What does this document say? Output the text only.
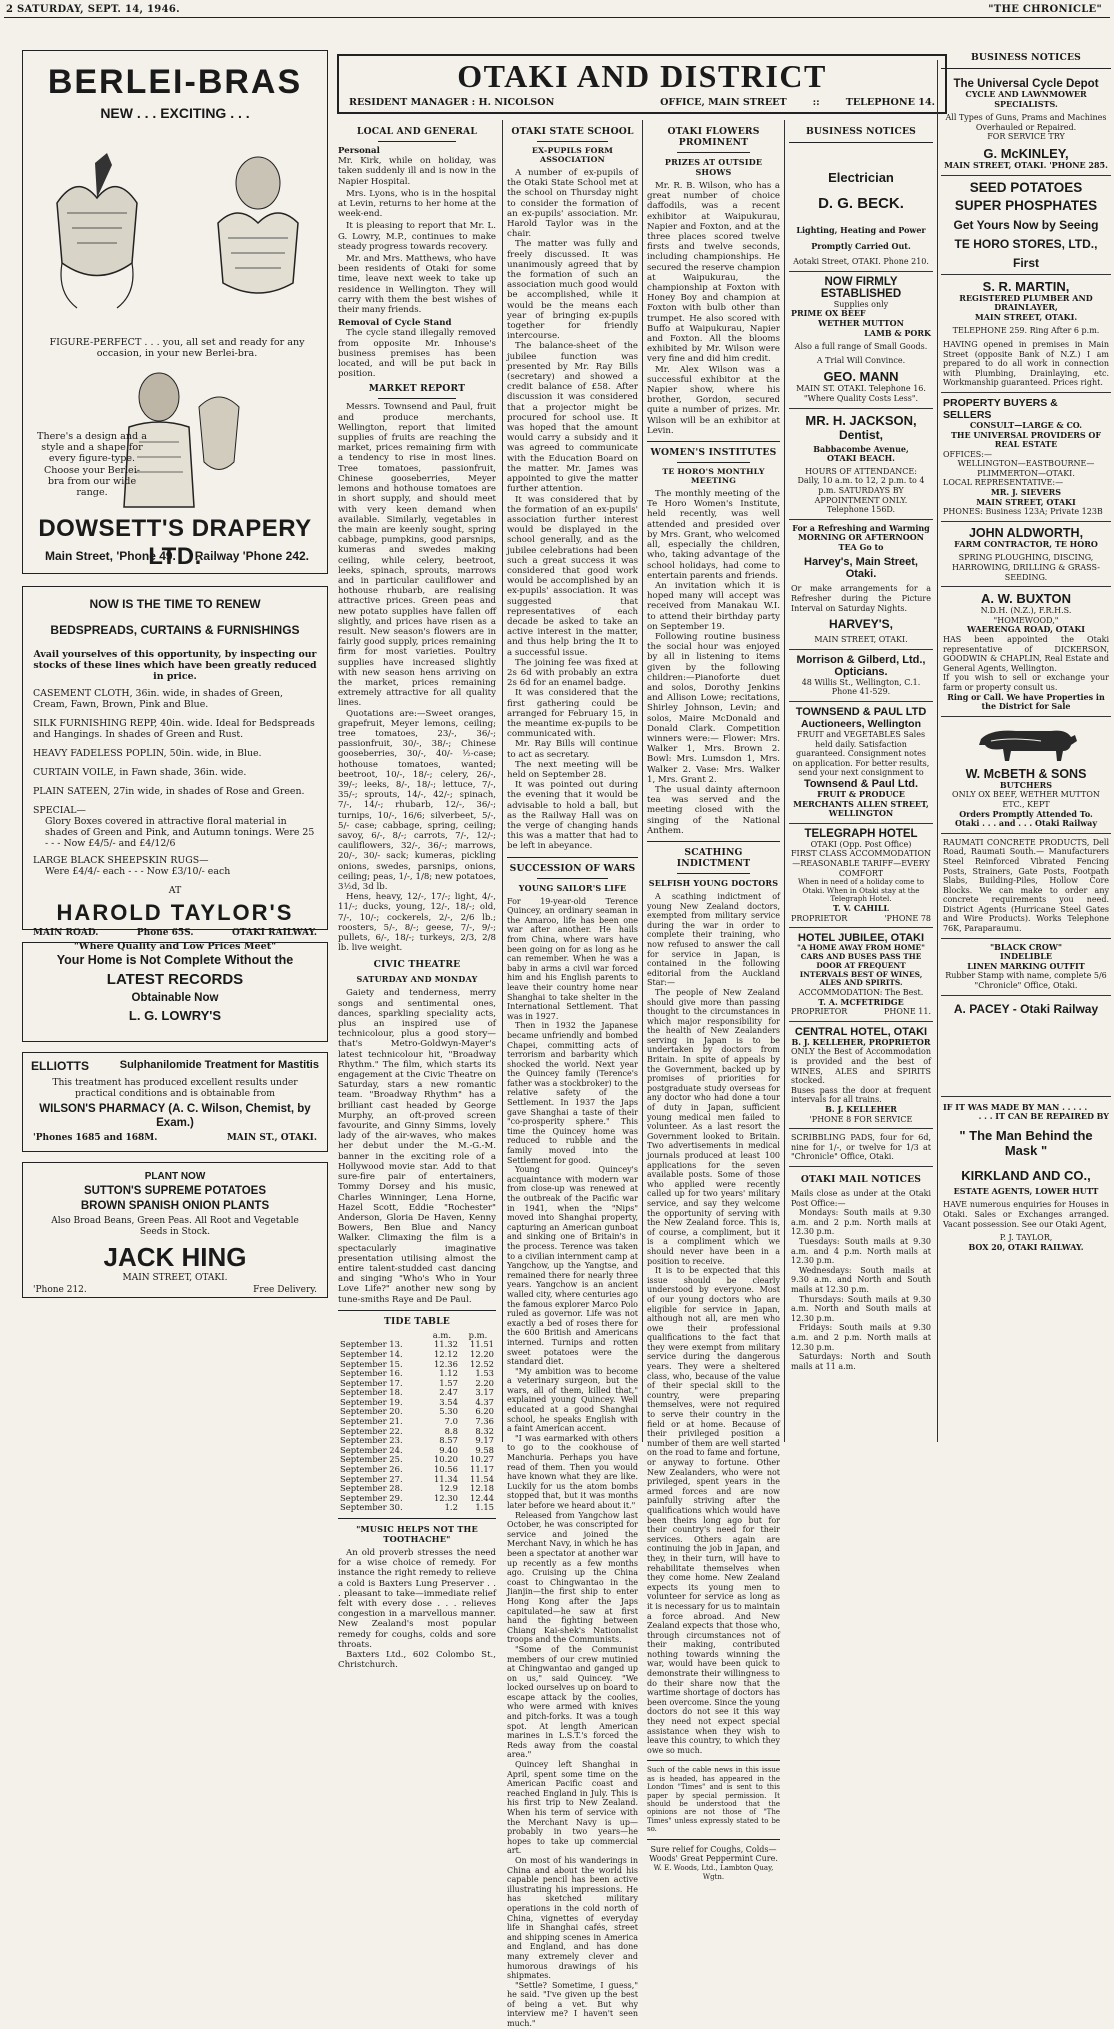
2 SATURDAY, SEPT. 14, 1946.	"THE CHRONICLE"
BERLEI-BRAS
NEW . . . EXCITING . . .
FIGURE-PERFECT . . . you, all set and ready for any occasion, in your new Berlei-bra.
There's a design and a style and a shape for every figure-type. Choose your Berlei-bra from our wide range.
DOWSETT'S DRAPERY LTD.
Main Street, 'Phone 49. Railway 'Phone 242.
NOW IS THE TIME TO RENEW
BEDSPREADS, CURTAINS & FURNISHINGS
Avail yourselves of this opportunity, by inspecting our stocks of these lines which have been greatly reduced in price.
CASEMENT CLOTH, 36in. wide, in shades of Green, Cream, Fawn, Brown, Pink and Blue.
SILK FURNISHING REPP, 40in. wide. Ideal for Bedspreads and Hangings. In shades of Green and Rust.
HEAVY FADELESS POPLIN, 50in. wide, in Blue.
CURTAIN VOILE, in Fawn shade, 36in. wide.
PLAIN SATEEN, 27in wide, in shades of Rose and Green.
SPECIAL—
Glory Boxes covered in attractive floral material in shades of Green and Pink, and Autumn tonings. Were 25 - - - Now £4/5/- and £4/12/6
LARGE BLACK SHEEPSKIN RUGS—
Were £4/4/- each - - - Now £3/10/- each
AT
HAROLD TAYLOR'S
MAIN ROAD.	Phone 65S.	OTAKI RAILWAY.
"Where Quality and Low Prices Meet"
Your Home is Not Complete Without the
LATEST RECORDS
Obtainable Now
L. G. LOWRY'S
ELLIOTTS	Sulphanilomide Treatment for Mastitis
This treatment has produced excellent results under practical conditions and is obtainable from
WILSON'S PHARMACY (A. C. Wilson, Chemist, by Exam.)
'Phones 1685 and 168M.	MAIN ST., OTAKI.
PLANT NOW
SUTTON'S SUPREME POTATOES
BROWN SPANISH ONION PLANTS
Also Broad Beans, Green Peas. All Root and Vegetable Seeds in Stock.
JACK HING
MAIN STREET, OTAKI.
'Phone 212.	Free Delivery.
OTAKI AND DISTRICT
RESIDENT MANAGER : H. NICOLSON	OFFICE, MAIN STREET	::	TELEPHONE 14.
LOCAL AND GENERAL
Personal
Mr. Kirk, while on holiday, was taken suddenly ill and is now in the Napier Hospital.
Mrs. Lyons, who is in the hospital at Levin, returns to her home at the week-end.
It is pleasing to report that Mr. L. G. Lowry, M.P., continues to make steady progress towards recovery.
Mr. and Mrs. Matthews, who have been residents of Otaki for some time, leave next week to take up residence in Wellington. They will carry with them the best wishes of their many friends.
Removal of Cycle Stand
The cycle stand illegally removed from opposite Mr. Inhouse's business premises has been located, and will be put back in position.
MARKET REPORT
Messrs. Townsend and Paul, fruit and produce merchants, Wellington, report that limited supplies of fruits are reaching the market, prices remaining firm with a tendency to rise in most lines. Tree tomatoes, passionfruit, Chinese gooseberries, Meyer lemons and hothouse tomatoes are in short supply, and should meet with very keen demand when available. Similarly, vegetables in the main are keenly sought, spring cabbage, pumpkins, good parsnips, kumeras and swedes making ceiling, while celery, beetroot, leeks, spinach, sprouts, marrows and in particular cauliflower and hothouse rhubarb, are realising attractive prices. Green peas and new potato supplies have fallen off slightly, and prices have risen as a result. New season's flowers are in fairly good supply, prices remaining firm for most varieties. Poultry supplies have increased slightly with new season hens arriving on the market, prices remaining extremely attractive for all quality lines.
Quotations are:—Sweet oranges, grapefruit, Meyer lemons, ceiling; tree tomatoes, 23/-, 36/-; passionfruit, 30/-, 38/-; Chinese gooseberries, 30/-, 40/- ½-case; hothouse tomatoes, wanted; beetroot, 10/-, 18/-; celery, 26/-, 39/-; leeks, 8/-, 18/-; lettuce, 7/-, 35/-; sprouts, 14/-, 42/-; spinach, 7/-, 14/-; rhubarb, 12/-, 36/-; turnips, 10/-, 16/6; silverbeet, 5/-, 5/- case; cabbage, spring, ceiling; savoy, 6/-, 8/-; carrots, 7/-, 12/-; cauliflowers, 32/-, 36/-; marrows, 20/-, 30/- sack; kumeras, pickling onions, swedes, parsnips, onions, ceiling; peas, 1/-, 1/8; new potatoes, 3½d, 3d lb.
Hens, heavy, 12/-, 17/-; light, 4/-, 11/-; ducks, young, 12/-, 18/-; old, 7/-, 10/-; cockerels, 2/-, 2/6 lb.; roosters, 5/-, 8/-; geese, 7/-, 9/-; pullets, 6/-, 18/-; turkeys, 2/3, 2/8 lb. live weight.
CIVIC THEATRE
SATURDAY AND MONDAY
Gaiety and tenderness, merry songs and sentimental ones, dances, sparkling speciality acts, plus an inspired use of technicolour, plus a good story—that's Metro-Goldwyn-Mayer's latest technicolour hit, "Broadway Rhythm." The film, which starts its engagement at the Civic Theatre on Saturday, stars a new romantic team. "Broadway Rhythm" has a brilliant cast headed by George Murphy, an oft-proved screen favourite, and Ginny Simms, lovely lady of the air-waves, who makes her debut under the M.-G.-M. banner in the exciting role of a Hollywood movie star. Add to that sure-fire pair of entertainers, Tommy Dorsey and his music, Charles Winninger, Lena Horne, Hazel Scott, Eddie "Rochester" Anderson, Gloria De Haven, Kenny Bowers, Ben Blue and Nancy Walker. Climaxing the film is a spectacularly imaginative presentation utilising almost the entire talent-studded cast dancing and singing "Who's Who in Your Love Life?" another new song by tune-smiths Raye and De Paul.
TIDE TABLE
	a.m.	p.m.
September 13.	11.32	11.51
September 14.	12.12	12.20
September 15.	12.36	12.52
September 16.	1.12	1.53
September 17.	1.57	2.20
September 18.	2.47	3.17
September 19.	3.54	4.37
September 20.	5.30	6.20
September 21.	7.0	7.36
September 22.	8.8	8.32
September 23.	8.57	9.17
September 24.	9.40	9.58
September 25.	10.20	10.27
September 26.	10.56	11.17
September 27.	11.34	11.54
September 28.	12.9	12.18
September 29.	12.30	12.44
September 30.	1.2	1.15
"MUSIC HELPS NOT THE TOOTHACHE"
An old proverb stresses the need for a wise choice of remedy. For instance the right remedy to relieve a cold is Baxters Lung Preserver . . . pleasant to take—immediate relief felt with every dose . . . relieves congestion in a marvellous manner. New Zealand's most popular remedy for coughs, colds and sore throats.
Baxters Ltd., 602 Colombo St., Christchurch.
OTAKI STATE SCHOOL
EX-PUPILS FORM ASSOCIATION
A number of ex-pupils of the Otaki State School met at the school on Thursday night to consider the formation of an ex-pupils' association. Mr. Harold Taylor was in the chair.
The matter was fully and freely discussed. It was unanimously agreed that by the formation of such an association much good would be accomplished, while it would be the means each year of bringing ex-pupils together for friendly intercourse.
The balance-sheet of the jubilee function was presented by Mr. Ray Bills (secretary) and showed a credit balance of £58. After discussion it was considered that a projector might be procured for school use. It was hoped that the amount would carry a subsidy and it was agreed to communicate with the Education Board on the matter. Mr. James was appointed to give the matter further attention.
It was considered that by the formation of an ex-pupils' association further interest would be displayed in the school generally, and as the jubilee celebrations had been such a great success it was considered that good work would be accomplished by an ex-pupils' association. It was suggested that representatives of each decade be asked to take an active interest in the matter, and thus help bring the It to a successful issue.
The joining fee was fixed at 2s 6d with probably an extra 2s 6d for an enamel badge.
It was considered that the first gathering could be arranged for February 15, in the meantime ex-pupils to be communicated with.
Mr. Ray Bills will continue to act as secretary.
The next meeting will be held on September 28.
It was pointed out during the evening that it would be advisable to hold a ball, but as the Railway Hall was on the verge of changing hands this was a matter that had to be left in abeyance.
SUCCESSION OF WARS
YOUNG SAILOR'S LIFE
For 19-year-old Terence Quincey, an ordinary seaman in the Amaroo, life has been one war after another. He hails from China, where wars have been going on for as long as he can remember. When he was a baby in arms a civil war forced him and his English parents to leave their country home near Shanghai to take shelter in the International Settlement. That was in 1927.
Then in 1932 the Japanese became unfriendly and bombed Chapei, committing acts of terrorism and barbarity which shocked the world. Next year the Quincey family (Terence's father was a stockbroker) to the relative safety of the Settlement. In 1937 the Japs gave Shanghai a taste of their "co-prosperity sphere." This time the Quincey home was reduced to rubble and the family moved into the Settlement for good.
Young Quincey's acquaintance with modern war from close-up was renewed at the outbreak of the Pacific war in 1941, when the "Nips" moved into Shanghai property, capturing an American gunboat and sinking one of Britain's in the process. Terence was taken to a civilian internment camp at Yangchow, up the Yangtse, and remained there for nearly three years. Yangchow is an ancient walled city, where centuries ago the famous explorer Marco Polo ruled as governor. Life was not exactly a bed of roses there for the 600 British and Americans interned. Turnips and rotten sweet potatoes were the standard diet.
"My ambition was to become a veterinary surgeon, but the wars, all of them, killed that," explained young Quincey. Well educated at a good Shanghai school, he speaks English with a faint American accent.
"I was earmarked with others to go to the cookhouse of Manchuria. Perhaps you have read of them. Then you would have known what they are like. Luckily for us the atom bombs stopped that, but it was months later before we heard about it."
Released from Yangchow last October, he was conscripted for service and joined the Merchant Navy, in which he has been a spectator at another war up recently as a few months ago. Cruising up the China coast to Chingwantao in the Jianjin—the first ship to enter Hong Kong after the Japs capitulated—he saw at first hand the fighting between Chiang Kai-shek's Nationalist troops and the Communists.
"Some of the Communist members of our crew mutinied at Chingwantao and ganged up on us," said Quincey. "We locked ourselves up on board to escape attack by the coolies, who were armed with knives and pitch-forks. It was a tough spot. At length American marines in L.S.T.'s forced the Reds away from the coastal area."
Quincey left Shanghai in April, spent some time on the American Pacific coast and reached England in July. This is his first trip to New Zealand. When his term of service with the Merchant Navy is up—probably in two years—he hopes to take up commercial art.
On most of his wanderings in China and about the world his capable pencil has been active illustrating his impressions. He has sketched military operations in the cold north of China, vignettes of everyday life in Shanghai cafés, street and shipping scenes in America and England, and has done many extremely clever and humorous drawings of his shipmates.
"Settle? Sometime, I guess," he said. "I've given up the best of being a vet. But why interview me? I haven't seen much."
OTAKI FLOWERS PROMINENT
PRIZES AT OUTSIDE SHOWS
Mr. R. B. Wilson, who has a great number of choice daffodils, was a recent exhibitor at Waipukurau, Napier and Foxton, and at the three places scored twelve firsts and twelve seconds, including championships. He secured the reserve champion at Waipukurau, the championship at Foxton with Honey Boy and champion at Foxton with bulb other than trumpet. He also scored with Buffo at Waipukurau, Napier and Foxton. All the blooms exhibited by Mr. Wilson were very fine and did him credit.
Mr. Alex Wilson was a successful exhibitor at the Napier show, where his brother, Gordon, secured quite a number of prizes. Mr. Wilson will be an exhibitor at Levin.
WOMEN'S INSTITUTES
TE HORO'S MONTHLY MEETING
The monthly meeting of the Te Horo Women's Institute, held recently, was well attended and presided over by Mrs. Grant, who welcomed all, especially the children, who, taking advantage of the school holidays, had come to entertain parents and friends.
An invitation which it is hoped many will accept was received from Manakau W.I. to attend their birthday party on September 19.
Following routine business the social hour was enjoyed by all in listening to items given by the following children:—Pianoforte duet and solos, Dorothy Jenkins and Allison Lowe; recitations, Shirley Johnson, Levin; and solos, Maire McDonald and Donald Clark. Competition winners were:— Flower: Mrs. Walker 1, Mrs. Brown 2. Bowl: Mrs. Lumsdon 1, Mrs. Walker 2. Vase: Mrs. Walker 1, Mrs. Grant 2.
The usual dainty afternoon tea was served and the meeting closed with the singing of the National Anthem.
SCATHING INDICTMENT
SELFISH YOUNG DOCTORS
A scathing indictment of young New Zealand doctors, exempted from military service during the war in order to complete their training, who now refused to answer the call for service in Japan, is contained in the following editorial from the Auckland Star:—
The people of New Zealand should give more than passing thought to the circumstances in which major responsibility for the health of New Zealanders serving in Japan is to be undertaken by doctors from Britain. In spite of appeals by the Government, backed up by promises of priorities for postgraduate study overseas for any doctor who had done a tour of duty in Japan, sufficient young medical men failed to volunteer. As a last resort the Government looked to Britain. Two advertisements in medical journals produced at least 100 applications for the seven available posts. Some of those who applied were recently called up for two years' military service, and say they welcome the opportunity of serving with the New Zealand force. This is, of course, a compliment, but it is a compliment which we should never have been in a position to receive.
It is to be expected that this issue should be clearly understood by everyone. Most of our young doctors who are eligible for service in Japan, although not all, are men who owe their professional qualifications to the fact that they were exempt from military service during the dangerous years. They were a sheltered class, who, because of the value of their special skill to the country, were preparing themselves, were not required to serve their country in the field or at home. Because of their privileged position a number of them are well started on the road to fame and fortune, or anyway to fortune. Other New Zealanders, who were not privileged, spent years in the armed forces and are now painfully striving after the qualifications which would have been theirs long ago but for their country's need for their services. Others again are continuing the job in Japan, and they, in their turn, will have to rehabilitate themselves when they come home. New Zealand expects its young men to volunteer for service as long as it is necessary for us to maintain a force abroad. And New Zealand expects that those who, through circumstances not of their making, contributed nothing towards winning the war, would have been quick to demonstrate their willingness to do their share now that the wartime shortage of doctors has been overcome. Since the young doctors do not see it this way they need not expect special assistance when they wish to leave this country, to which they owe so much.
Such of the cable news in this issue as is headed, has appeared in the London "Times" and is sent to this paper by special permission. It should be understood that the opinions are not those of "The Times" unless expressly stated to be so.
Sure relief for Coughs, Colds— Woods' Great Peppermint Cure.
W. E. Woods, Ltd., Lambton Quay, Wgtn.
BUSINESS NOTICES
Electrician
D. G. BECK.
Lighting, Heating and Power
Promptly Carried Out.
Aotaki Street, OTAKI. Phone 210.
NOW FIRMLY ESTABLISHED
Supplies only
PRIME OX BEEF
WETHER MUTTON
LAMB & PORK
Also a full range of Small Goods.
A Trial Will Convince.
GEO. MANN
MAIN ST. OTAKI. Telephone 16.
"Where Quality Costs Less".
MR. H. JACKSON,
Dentist,
Babbacombe Avenue,
OTAKI BEACH.
HOURS OF ATTENDANCE:
Daily, 10 a.m. to 12, 2 p.m. to 4 p.m. SATURDAYS BY APPOINTMENT ONLY.
Telephone 156D.
For a Refreshing and Warming MORNING OR AFTERNOON TEA Go to
Harvey's, Main Street, Otaki.
Or make arrangements for a Refresher during the Picture Interval on Saturday Nights.
HARVEY'S,
MAIN STREET, OTAKI.
Morrison & Gilberd, Ltd.,
Opticians.
48 Willis St., Wellington, C.1. Phone 41-529.
TOWNSEND & PAUL LTD
Auctioneers, Wellington
FRUIT and VEGETABLES Sales held daily. Satisfaction guaranteed. Consignment notes on application. For better results, send your next consignment to
Townsend & Paul Ltd.
FRUIT & PRODUCE MERCHANTS ALLEN STREET, WELLINGTON
TELEGRAPH HOTEL
OTAKI (Opp. Post Office)
FIRST CLASS ACCOMMODATION—REASONABLE TARIFF—EVERY COMFORT
When in need of a holiday come to Otaki. When in Otaki stay at the Telegraph Hotel.
T. V. CAHILL
PROPRIETOR	'PHONE 78
HOTEL JUBILEE, OTAKI
"A HOME AWAY FROM HOME" CARS AND BUSES PASS THE DOOR AT FREQUENT INTERVALS BEST OF WINES, ALES AND SPIRITS.
ACCOMMODATION: The Best.
T. A. MCFETRIDGE
PROPRIETOR	PHONE 11.
CENTRAL HOTEL, OTAKI
B. J. KELLEHER, PROPRIETOR
ONLY the Best of Accommodation is provided and the best of WINES, ALES and SPIRITS stocked.
Buses pass the door at frequent intervals for all trains.
B. J. KELLEHER
'PHONE 8 FOR SERVICE
SCRIBBLING PADS, four for 6d, nine for 1/-, or twelve for 1/3 at "Chronicle" Office, Otaki.
OTAKI MAIL NOTICES
Mails close as under at the Otaki Post Office:—
Mondays: South mails at 9.30 a.m. and 2 p.m. North mails at 12.30 p.m.
Tuesdays: South mails at 9.30 a.m. and 4 p.m. North mails at 12.30 p.m.
Wednesdays: South mails at 9.30 a.m. and North and South mails at 12.30 p.m.
Thursdays: South mails at 9.30 a.m. North and South mails at 12.30 p.m.
Fridays: South mails at 9.30 a.m. and 2 p.m. North mails at 12.30 p.m.
Saturdays: North and South mails at 11 a.m.
BUSINESS NOTICES
The Universal Cycle Depot
CYCLE AND LAWNMOWER SPECIALISTS.
All Types of Guns, Prams and Machines Overhauled or Repaired.
FOR SERVICE TRY
G. McKINLEY,
MAIN STREET, OTAKI. 'PHONE 285.
SEED POTATOES
SUPER PHOSPHATES
Get Yours Now by Seeing
TE HORO STORES, LTD.,
First
S. R. MARTIN,
REGISTERED PLUMBER AND DRAINLAYER,
MAIN STREET, OTAKI.
TELEPHONE 259. Ring After 6 p.m.
HAVING opened in premises in Main Street (opposite Bank of N.Z.) I am prepared to do all work in connection with Plumbing, Drainlaying, etc. Workmanship guaranteed. Prices right.
PROPERTY BUYERS & SELLERS
CONSULT—LARGE & CO.
THE UNIVERSAL PROVIDERS OF REAL ESTATE
OFFICES:—
WELLINGTON—EASTBOURNE—PLIMMERTON—OTAKI.
LOCAL REPRESENTATIVE:—
MR. J. SIEVERS
MAIN STREET, OTAKI
PHONES: Business 123A; Private 123B
JOHN ALDWORTH,
FARM CONTRACTOR, TE HORO
SPRING PLOUGHING, DISCING, HARROWING, DRILLING & GRASS-SEEDING.
A. W. BUXTON
N.D.H. (N.Z.), F.R.H.S.
"HOMEWOOD,"
WAERENGA ROAD, OTAKI
HAS been appointed the Otaki representative of DICKERSON, GOODWIN & CHAPLIN, Real Estate and General Agents, Wellington.
If you wish to sell or exchange your farm or property consult us.
Ring or Call. We have Properties in the District for Sale
W. McBETH & SONS
BUTCHERS
ONLY OX BEEF, WETHER MUTTON ETC., KEPT
Orders Promptly Attended To.
Otaki . . . and . . . Otaki Railway
RAUMATI CONCRETE PRODUCTS, Dell Road, Raumati South.— Manufacturers Steel Reinforced Vibrated Fencing Posts, Strainers, Gate Posts, Footpath Slabs, Building-Piles, Hollow Core Blocks. We can make to order any concrete requirements you need. District Agents (Hurricane Steel Gates and Wire Products). Works Telephone 76K, Paraparaumu.
"BLACK CROW"
INDELIBLE
LINEN MARKING OUTFIT
Rubber Stamp with name, complete 5/6
"Chronicle" Office, Otaki.
A. PACEY - Otaki Railway
IF IT WAS MADE BY MAN . . . . .
. . . IT CAN BE REPAIRED BY
" The Man Behind the Mask "
KIRKLAND AND CO.,
ESTATE AGENTS, LOWER HUTT
HAVE numerous enquiries for Houses in Otaki. Sales or Exchanges arranged. Vacant possession. See our Otaki Agent,
P. J. TAYLOR,
BOX 20, OTAKI RAILWAY.
